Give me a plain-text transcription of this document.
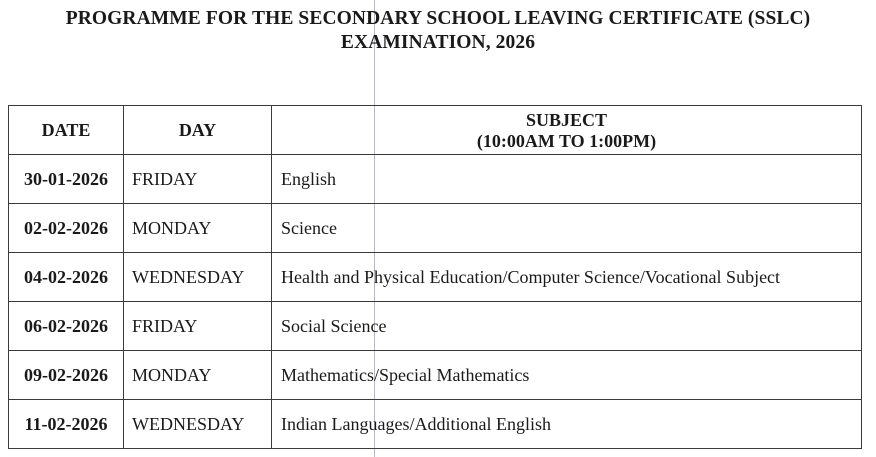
PROGRAMME FOR THE SECONDARY SCHOOL LEAVING CERTIFICATE (SSLC)
EXAMINATION, 2026
DATE	DAY	SUBJECT
(10:00AM TO 1:00PM)

30-01-2026	FRIDAY	English
02-02-2026	MONDAY	Science
04-02-2026	WEDNESDAY	Health and Physical Education/Computer Science/Vocational Subject
06-02-2026	FRIDAY	Social Science
09-02-2026	MONDAY	Mathematics/Special Mathematics
11-02-2026	WEDNESDAY	Indian Languages/Additional English
